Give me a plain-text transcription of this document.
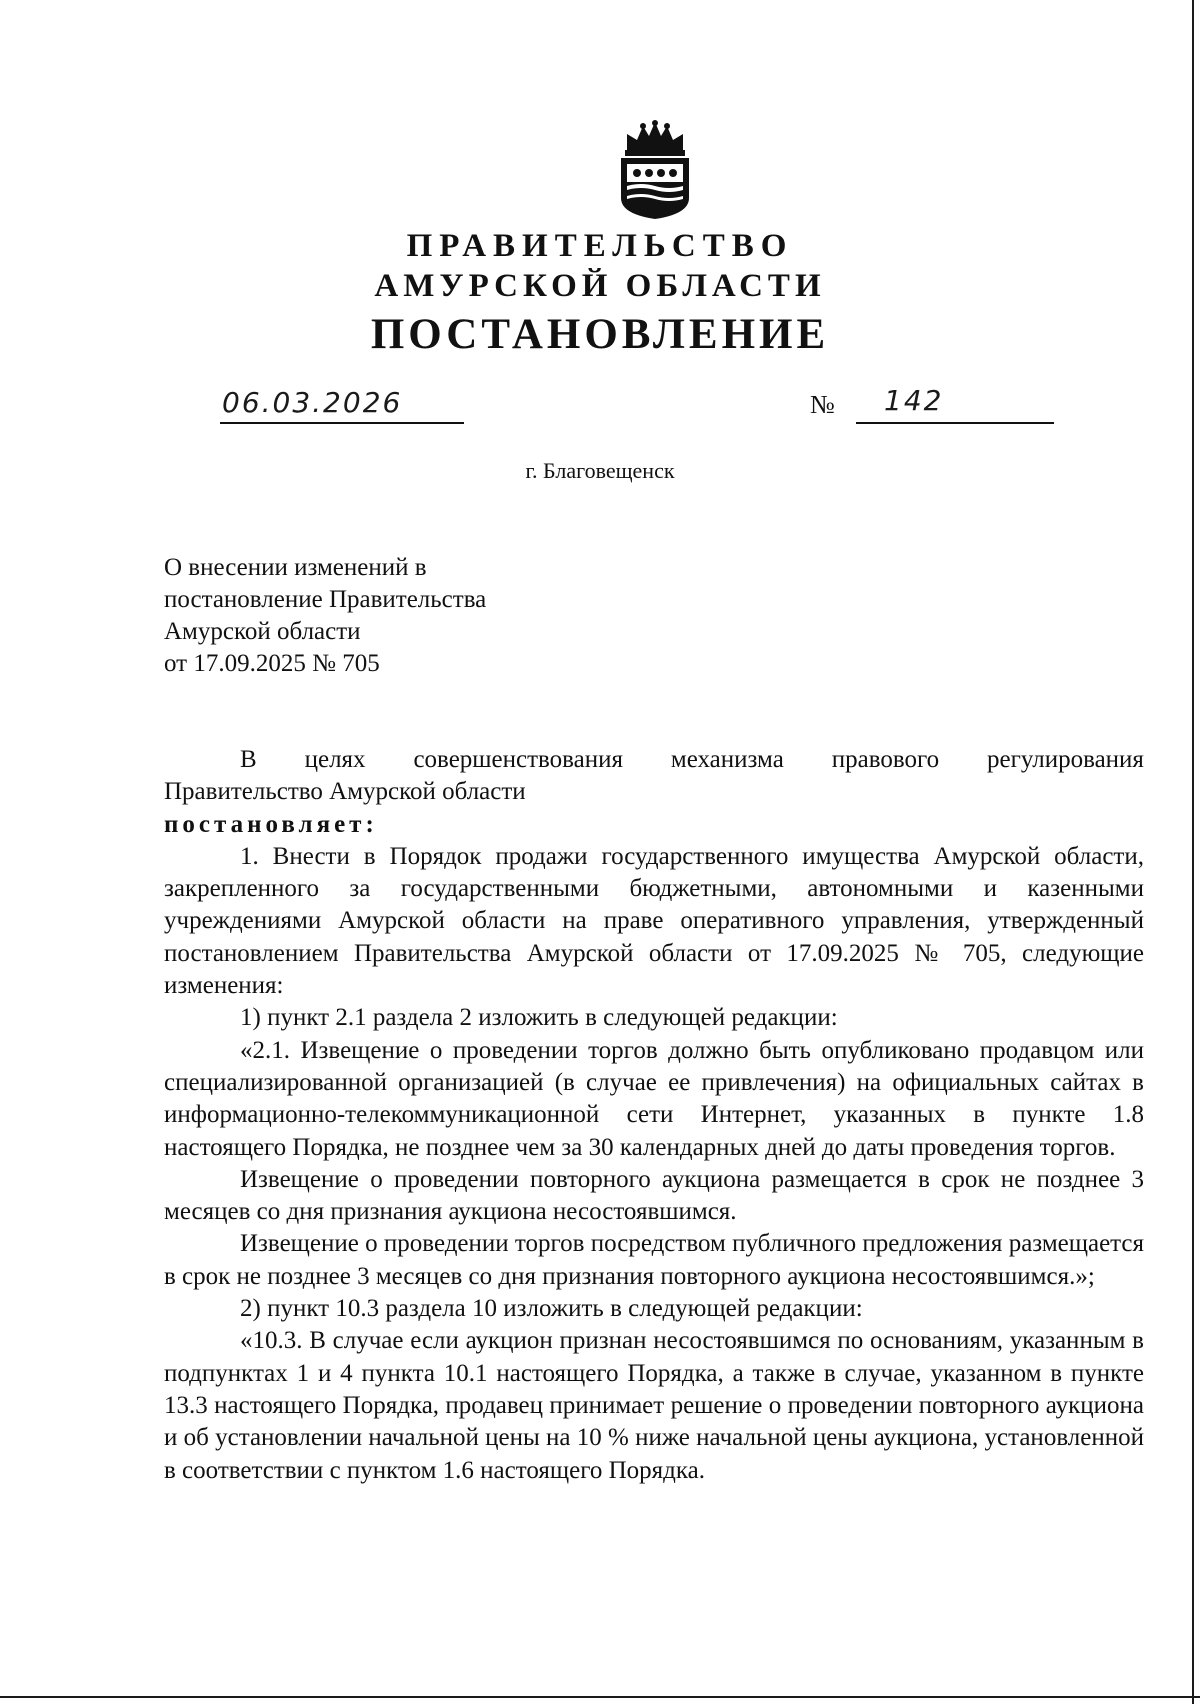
ПРАВИТЕЛЬСТВО
АМУРСКОЙ ОБЛАСТИ
ПОСТАНОВЛЕНИЕ
06.03.2026	№ 142
г. Благовещенск
О внесении изменений в
постановление Правительства
Амурской области
от 17.09.2025 № 705
В целях совершенствования механизма правового регулирования
Правительство Амурской области
постановляет:

1. Внести в Порядок продажи государственного имущества Амурской области, закрепленного за государственными бюджетными, автономными и казенными учреждениями Амурской области на праве оперативного управления, утвержденный постановлением Правительства Амурской области от 17.09.2025 № 705, следующие изменения:

1) пункт 2.1 раздела 2 изложить в следующей редакции:

«2.1. Извещение о проведении торгов должно быть опубликовано продавцом или специализированной организацией (в случае ее привлечения) на официальных сайтах в информационно-телекоммуникационной сети Интернет, указанных в пункте 1.8 настоящего Порядка, не позднее чем за 30 календарных дней до даты проведения торгов.

Извещение о проведении повторного аукциона размещается в срок не позднее 3 месяцев со дня признания аукциона несостоявшимся.

Извещение о проведении торгов посредством публичного предложения размещается в срок не позднее 3 месяцев со дня признания повторного аукциона несостоявшимся.»;

2) пункт 10.3 раздела 10 изложить в следующей редакции:

«10.3. В случае если аукцион признан несостоявшимся по основаниям, указанным в подпунктах 1 и 4 пункта 10.1 настоящего Порядка, а также в случае, указанном в пункте 13.3 настоящего Порядка, продавец принимает решение о проведении повторного аукциона и об установлении начальной цены на 10 % ниже начальной цены аукциона, установленной в соответствии с пунктом 1.6 настоящего Порядка.
